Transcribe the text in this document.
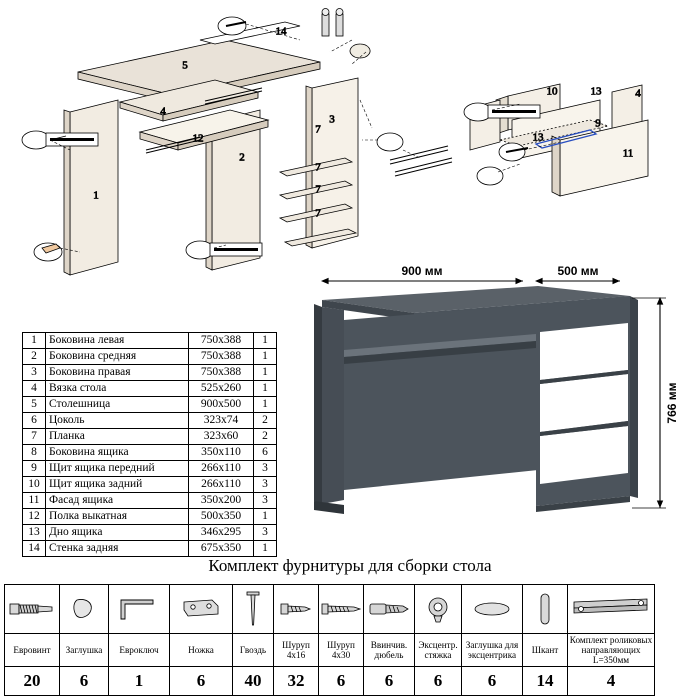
5
14
1
2
3
4
12
7
7
7
7
10	4
13
13
9
11
1	Боковина левая	750х388	1
2	Боковина средняя	750х388	1
3	Боковина правая	750х388	1
4	Вязка стола	525х260	1
5	Столешница	900х500	1
6	Цоколь	323х74	2
7	Планка	323х60	2
8	Боковина ящика	350х110	6
9	Щит ящика передний	266х110	3
10	Щит ящика задний	266х110	3
11	Фасад ящика	350х200	3
12	Полка выкатная	500х350	1
13	Дно ящика	346х295	3
14	Стенка задняя	675х350	1
900 мм	500 мм
766 мм
Комплект фурнитуры для сборки стола

Евровинт	Заглушка	Евроключ	Ножка	Гвоздь	Шуруп 4х16	Шуруп 4х30	Ввинчив. дюбель	Эксцентр. стяжка	Заглушка для эксцентрика	Шкант	Комплект роликовых направляющих L=350мм
20	6	1	6	40	32	6	6	6	6	14	4
